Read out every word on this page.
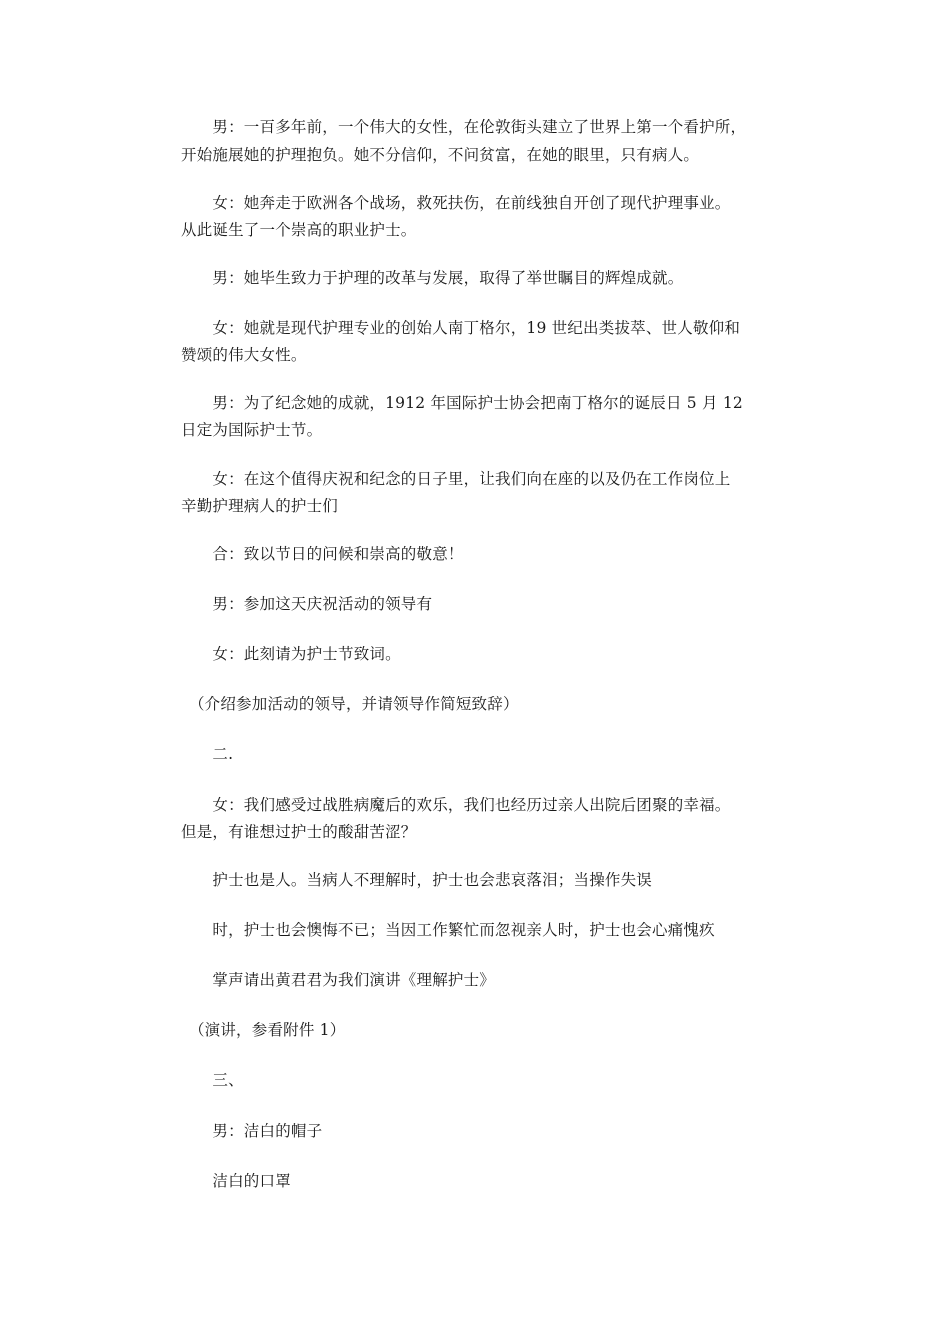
　　男：一百多年前，一个伟大的女性，在伦敦街头建立了世界上第一个看护所，
开始施展她的护理抱负。她不分信仰，不问贫富，在她的眼里，只有病人。
　　女：她奔走于欧洲各个战场，救死扶伤，在前线独自开创了现代护理事业。
从此诞生了一个崇高的职业护士。
　　男：她毕生致力于护理的改革与发展，取得了举世瞩目的辉煌成就。
　　女：她就是现代护理专业的创始人南丁格尔，19 世纪出类拔萃、世人敬仰和
赞颂的伟大女性。
　　男：为了纪念她的成就，1912 年国际护士协会把南丁格尔的诞辰日 5 月 12
日定为国际护士节。
　　女：在这个值得庆祝和纪念的日子里，让我们向在座的以及仍在工作岗位上
辛勤护理病人的护士们
　　合：致以节日的问候和崇高的敬意！
　　男：参加这天庆祝活动的领导有
　　女：此刻请为护士节致词。
　（介绍参加活动的领导，并请领导作简短致辞）
　　二.
　　女：我们感受过战胜病魔后的欢乐，我们也经历过亲人出院后团聚的幸福。
但是，有谁想过护士的酸甜苦涩？
　　护士也是人。当病人不理解时，护士也会悲哀落泪；当操作失误
　　时，护士也会懊悔不已；当因工作繁忙而忽视亲人时，护士也会心痛愧疚
　　掌声请出黄君君为我们演讲《理解护士》
　（演讲，参看附件 1）
　　三、
　　男：洁白的帽子
　　洁白的口罩
